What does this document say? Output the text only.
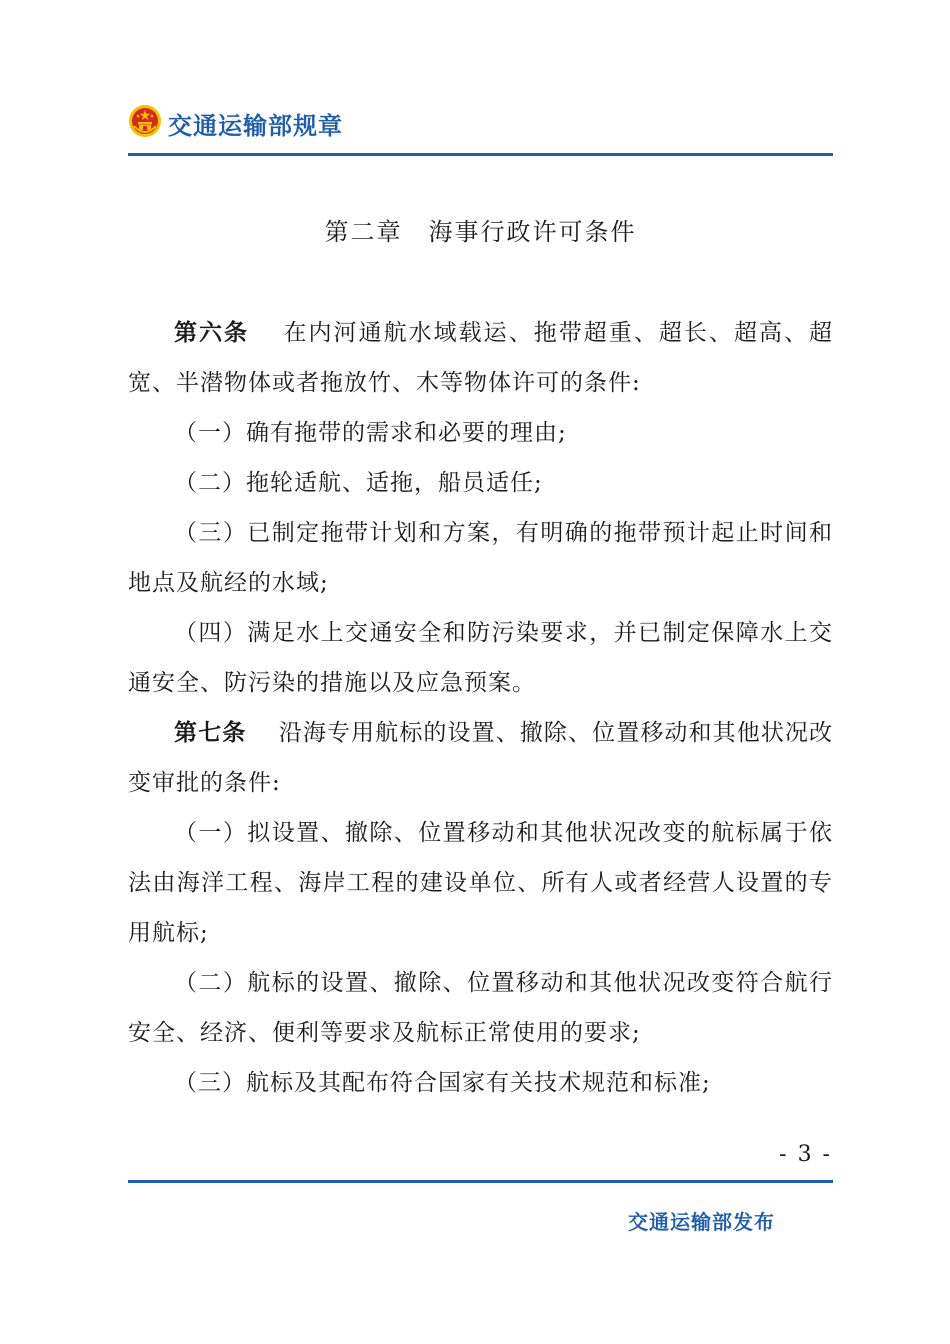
交通运输部规章
第二章　海事行政许可条件

第六条　 在内河通航水域载运、拖带超重、超长、超高、超宽、半潜物体或者拖放竹、木等物体许可的条件:

（一）确有拖带的需求和必要的理由;

（二）拖轮适航、适拖，船员适任;

（三）已制定拖带计划和方案，有明确的拖带预计起止时间和地点及航经的水域;

（四）满足水上交通安全和防污染要求，并已制定保障水上交通安全、防污染的措施以及应急预案。

第七条　 沿海专用航标的设置、撤除、位置移动和其他状况改变审批的条件:

（一）拟设置、撤除、位置移动和其他状况改变的航标属于依法由海洋工程、海岸工程的建设单位、所有人或者经营人设置的专用航标;

（二）航标的设置、撤除、位置移动和其他状况改变符合航行安全、经济、便利等要求及航标正常使用的要求;

（三）航标及其配布符合国家有关技术规范和标准;

- 3 -
交通运输部发布
